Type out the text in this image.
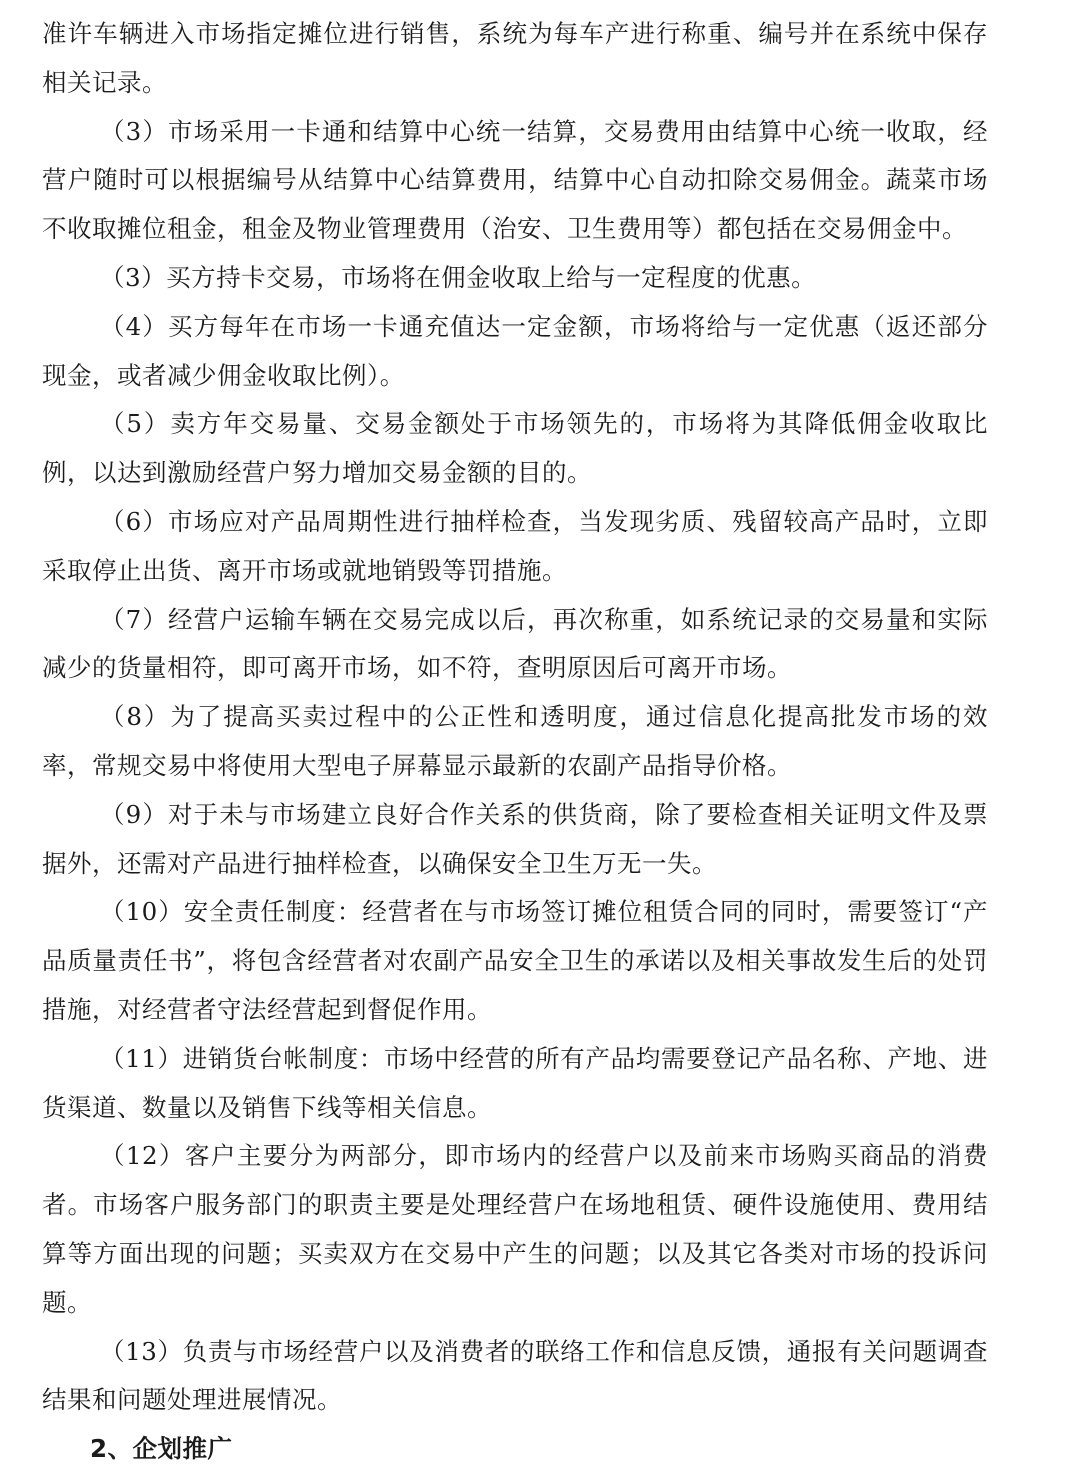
准许车辆进入市场指定摊位进行销售，系统为每车产进行称重、编号并在系统中保存相关记录。

（3）市场采用一卡通和结算中心统一结算，交易费用由结算中心统一收取，经营户随时可以根据编号从结算中心结算费用，结算中心自动扣除交易佣金。蔬菜市场不收取摊位租金，租金及物业管理费用（治安、卫生费用等）都包括在交易佣金中。

（3）买方持卡交易，市场将在佣金收取上给与一定程度的优惠。

（4）买方每年在市场一卡通充值达一定金额，市场将给与一定优惠（返还部分现金，或者减少佣金收取比例）。

（5）卖方年交易量、交易金额处于市场领先的，市场将为其降低佣金收取比例，以达到激励经营户努力增加交易金额的目的。

（6）市场应对产品周期性进行抽样检查，当发现劣质、残留较高产品时，立即采取停止出货、离开市场或就地销毁等罚措施。

（7）经营户运输车辆在交易完成以后，再次称重，如系统记录的交易量和实际减少的货量相符，即可离开市场，如不符，查明原因后可离开市场。

（8）为了提高买卖过程中的公正性和透明度，通过信息化提高批发市场的效率，常规交易中将使用大型电子屏幕显示最新的农副产品指导价格。

（9）对于未与市场建立良好合作关系的供货商，除了要检查相关证明文件及票据外，还需对产品进行抽样检查，以确保安全卫生万无一失。

（10）安全责任制度：经营者在与市场签订摊位租赁合同的同时，需要签订“产品质量责任书”，将包含经营者对农副产品安全卫生的承诺以及相关事故发生后的处罚措施，对经营者守法经营起到督促作用。

（11）进销货台帐制度：市场中经营的所有产品均需要登记产品名称、产地、进货渠道、数量以及销售下线等相关信息。

（12）客户主要分为两部分，即市场内的经营户以及前来市场购买商品的消费者。市场客户服务部门的职责主要是处理经营户在场地租赁、硬件设施使用、费用结算等方面出现的问题；买卖双方在交易中产生的问题；以及其它各类对市场的投诉问题。

（13）负责与市场经营户以及消费者的联络工作和信息反馈，通报有关问题调查结果和问题处理进展情况。

2、企划推广
